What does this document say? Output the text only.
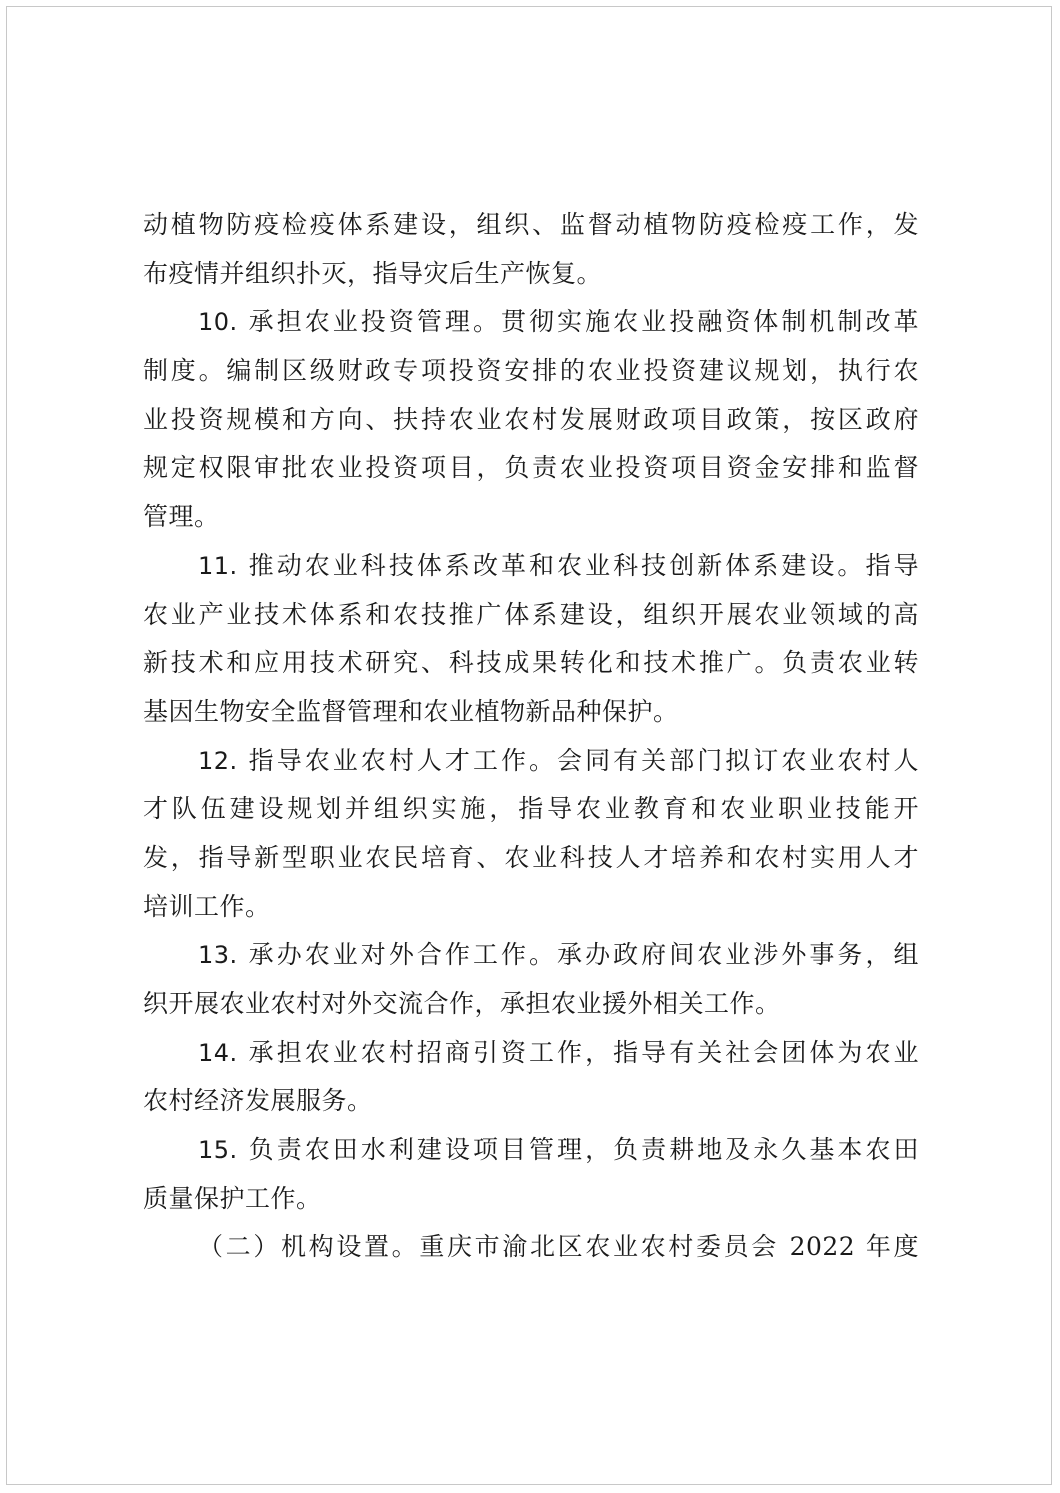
动植物防疫检疫体系建设，组织、监督动植物防疫检疫工作，发
布疫情并组织扑灭，指导灾后生产恢复。
10. 承担农业投资管理。贯彻实施农业投融资体制机制改革
制度。编制区级财政专项投资安排的农业投资建议规划，执行农
业投资规模和方向、扶持农业农村发展财政项目政策，按区政府
规定权限审批农业投资项目，负责农业投资项目资金安排和监督
管理。
11. 推动农业科技体系改革和农业科技创新体系建设。指导
农业产业技术体系和农技推广体系建设，组织开展农业领域的高
新技术和应用技术研究、科技成果转化和技术推广。负责农业转
基因生物安全监督管理和农业植物新品种保护。
12. 指导农业农村人才工作。会同有关部门拟订农业农村人
才队伍建设规划并组织实施，指导农业教育和农业职业技能开
发，指导新型职业农民培育、农业科技人才培养和农村实用人才
培训工作。
13. 承办农业对外合作工作。承办政府间农业涉外事务，组
织开展农业农村对外交流合作，承担农业援外相关工作。
14. 承担农业农村招商引资工作，指导有关社会团体为农业
农村经济发展服务。
15. 负责农田水利建设项目管理，负责耕地及永久基本农田
质量保护工作。
（二）机构设置。重庆市渝北区农业农村委员会 2022 年度
